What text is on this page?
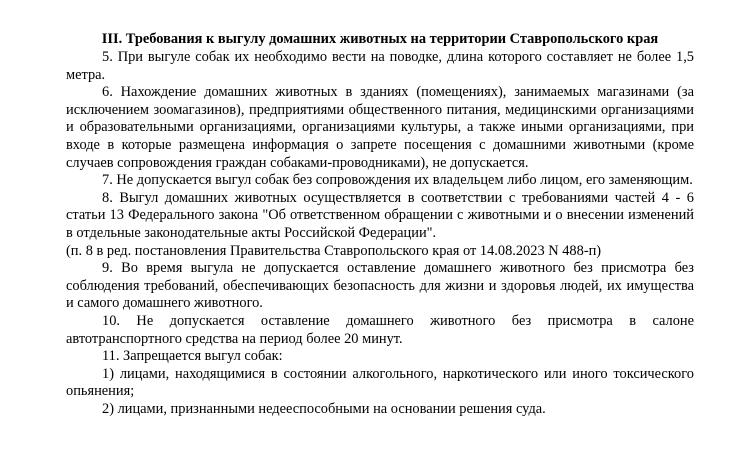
III. Требования к выгулу домашних животных на территории Ставропольского края

5. При выгуле собак их необходимо вести на поводке, длина которого составляет не более 1,5 метра.

6. Нахождение домашних животных в зданиях (помещениях), занимаемых магазинами (за исключением зоомагазинов), предприятиями общественного питания, медицинскими организациями и образовательными организациями, организациями культуры, а также иными организациями, при входе в которые размещена информация о запрете посещения с домашними животными (кроме случаев сопровождения граждан собаками-проводниками), не допускается.

7. Не допускается выгул собак без сопровождения их владельцем либо лицом, его заменяющим.

8. Выгул домашних животных осуществляется в соответствии с требованиями частей 4 - 6 статьи 13 Федерального закона "Об ответственном обращении с животными и о внесении изменений в отдельные законодательные акты Российской Федерации".

(п. 8 в ред. постановления Правительства Ставропольского края от 14.08.2023 N 488-п)

9. Во время выгула не допускается оставление домашнего животного без присмотра без соблюдения требований, обеспечивающих безопасность для жизни и здоровья людей, их имущества и самого домашнего животного.

10. Не допускается оставление домашнего животного без присмотра в салоне автотранспортного средства на период более 20 минут.

11. Запрещается выгул собак:

1) лицами, находящимися в состоянии алкогольного, наркотического или иного токсического опьянения;

2) лицами, признанными недееспособными на основании решения суда.
